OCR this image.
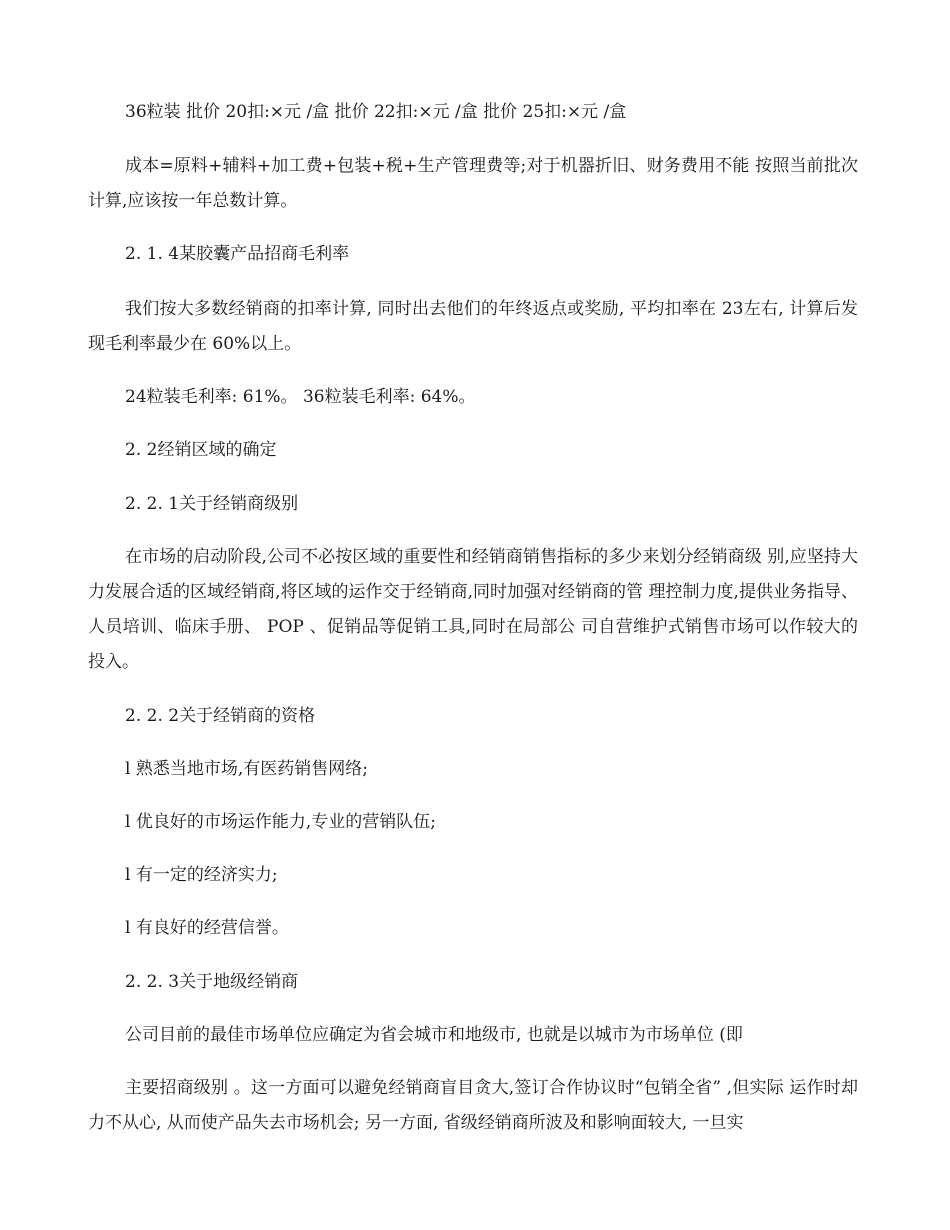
36粒装 批价 20扣:×元 /盒 批价 22扣:×元 /盒 批价 25扣:×元 /盒

成本=原料+辅料+加工费+包装+税+生产管理费等;对于机器折旧、财务费用不能 按照当前批次计算,应该按一年总数计算。

2. 1. 4某胶囊产品招商毛利率

我们按大多数经销商的扣率计算, 同时出去他们的年终返点或奖励, 平均扣率在 23左右, 计算后发现毛利率最少在 60%以上。

24粒装毛利率: 61%。 36粒装毛利率: 64%。

2. 2经销区域的确定

2. 2. 1关于经销商级别

在市场的启动阶段,公司不必按区域的重要性和经销商销售指标的多少来划分经销商级 别,应坚持大力发展合适的区域经销商,将区域的运作交于经销商,同时加强对经销商的管 理控制力度,提供业务指导、人员培训、临床手册、 POP 、促销品等促销工具,同时在局部公 司自营维护式销售市场可以作较大的投入。

2. 2. 2关于经销商的资格

l 熟悉当地市场,有医药销售网络;

l 优良好的市场运作能力,专业的营销队伍;

l 有一定的经济实力;

l 有良好的经营信誉。

2. 2. 3关于地级经销商

公司目前的最佳市场单位应确定为省会城市和地级市, 也就是以城市为市场单位 (即

主要招商级别 。这一方面可以避免经销商盲目贪大,签订合作协议时“包销全省” ,但实际 运作时却力不从心, 从而使产品失去市场机会; 另一方面, 省级经销商所波及和影响面较大, 一旦实
